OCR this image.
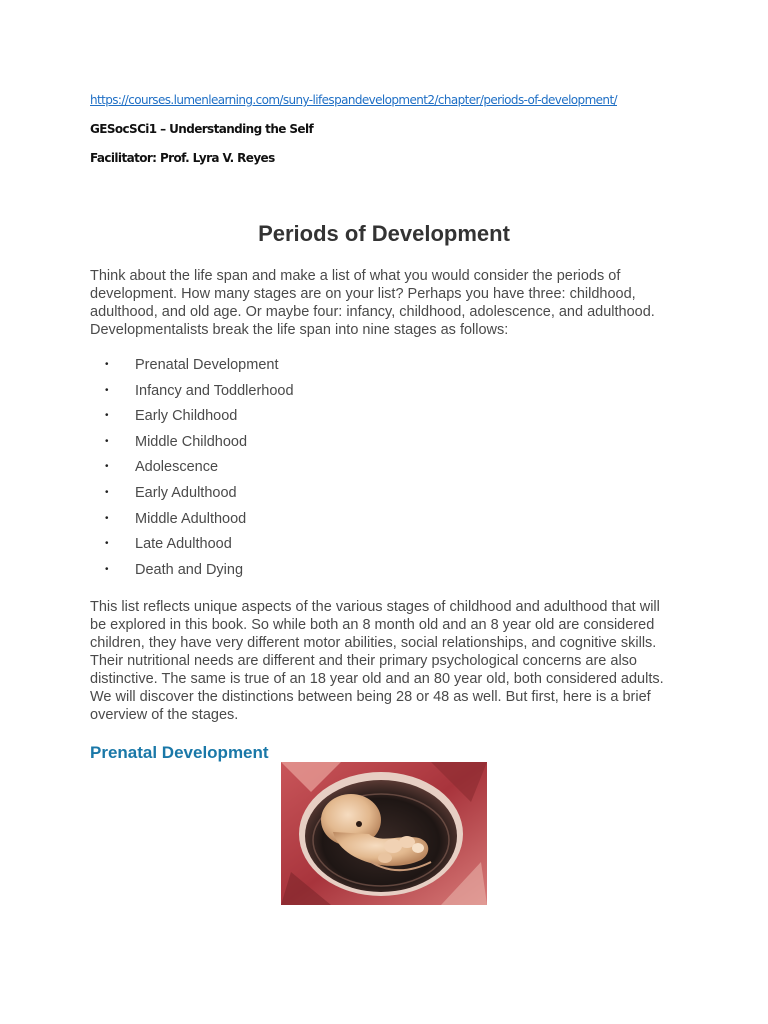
https://courses.lumenlearning.com/suny-lifespandevelopment2/chapter/periods-of-development/
GESocSCi1 – Understanding the Self
Facilitator: Prof. Lyra V. Reyes
Periods of Development

Think about the life span and make a list of what you would consider the periods of development. How many stages are on your list? Perhaps you have three: childhood, adulthood, and old age. Or maybe four: infancy, childhood, adolescence, and adulthood. Developmentalists break the life span into nine stages as follows:

• Prenatal Development
• Infancy and Toddlerhood
• Early Childhood
• Middle Childhood
• Adolescence
• Early Adulthood
• Middle Adulthood
• Late Adulthood
• Death and Dying

This list reflects unique aspects of the various stages of childhood and adulthood that will be explored in this book. So while both an 8 month old and an 8 year old are considered children, they have very different motor abilities, social relationships, and cognitive skills. Their nutritional needs are different and their primary psychological concerns are also distinctive. The same is true of an 18 year old and an 80 year old, both considered adults. We will discover the distinctions between being 28 or 48 as well. But first, here is a brief overview of the stages.

Prenatal Development
